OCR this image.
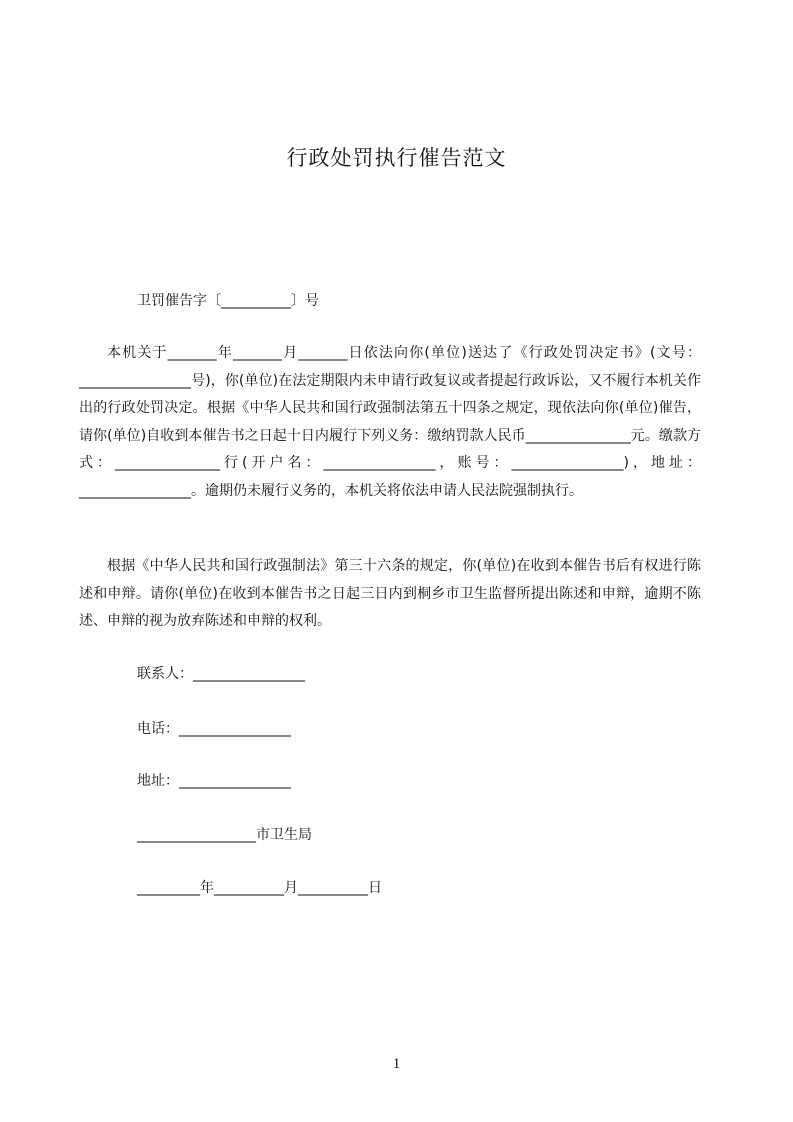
行政处罚执行催告范文
卫罚催告字〔__________〕号
本机关于_______年_______月_______日依法向你(单位)送达了《行政处罚决定书》(文号：________________号)，你(单位)在法定期限内未申请行政复议或者提起行政诉讼，又不履行本机关作出的行政处罚决定。根据《中华人民共和国行政强制法第五十四条之规定，现依法向你(单位)催告，请你(单位)自收到本催告书之日起十日内履行下列义务：缴纳罚款人民币_______________元。缴款方式：_______________行(开户名：________________，账号：________________)，地址：________________。逾期仍未履行义务的，本机关将依法申请人民法院强制执行。
根据《中华人民共和国行政强制法》第三十六条的规定，你(单位)在收到本催告书后有权进行陈述和申辩。请你(单位)在收到本催告书之日起三日内到桐乡市卫生监督所提出陈述和申辩，逾期不陈述、申辩的视为放弃陈述和申辩的权利。
联系人：________________
电话：________________
地址：________________
_________________市卫生局
_________年__________月__________日
1
